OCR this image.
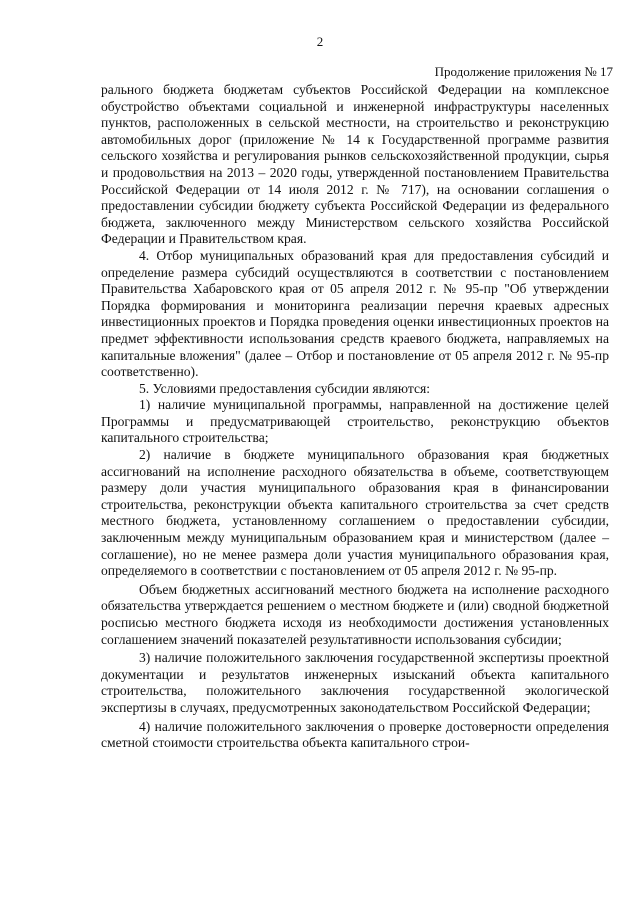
2
Продолжение приложения № 17

рального бюджета бюджетам субъектов Российской Федерации на комплексное обустройство объектами социальной и инженерной инфраструктуры населенных пунктов, расположенных в сельской местности, на строительство и реконструкцию автомобильных дорог (приложение № 14 к Государственной программе развития сельского хозяйства и регулирования рынков сельскохозяйственной продукции, сырья и продовольствия на 2013 – 2020 годы, утвержденной постановлением Правительства Российской Федерации от 14 июля 2012 г. № 717), на основании соглашения о предоставлении субсидии бюджету субъекта Российской Федерации из федерального бюджета, заключенного между Министерством сельского хозяйства Российской Федерации и Правительством края.

4. Отбор муниципальных образований края для предоставления субсидий и определение размера субсидий осуществляются в соответствии с постановлением Правительства Хабаровского края от 05 апреля 2012 г. № 95-пр "Об утверждении Порядка формирования и мониторинга реализации перечня краевых адресных инвестиционных проектов и Порядка проведения оценки инвестиционных проектов на предмет эффективности использования средств краевого бюджета, направляемых на капитальные вложения" (далее – Отбор и постановление от 05 апреля 2012 г. № 95-пр соответственно).

5. Условиями предоставления субсидии являются:

1) наличие муниципальной программы, направленной на достижение целей Программы и предусматривающей строительство, реконструкцию объектов капитального строительства;

2) наличие в бюджете муниципального образования края бюджетных ассигнований на исполнение расходного обязательства в объеме, соответствующем размеру доли участия муниципального образования края в финансировании строительства, реконструкции объекта капитального строительства за счет средств местного бюджета, установленному соглашением о предоставлении субсидии, заключенным между муниципальным образованием края и министерством (далее – соглашение), но не менее размера доли участия муниципального образования края, определяемого в соответствии с постановлением от 05 апреля 2012 г. № 95-пр.

Объем бюджетных ассигнований местного бюджета на исполнение расходного обязательства утверждается решением о местном бюджете и (или) сводной бюджетной росписью местного бюджета исходя из необходимости достижения установленных соглашением значений показателей результативности использования субсидии;

3) наличие положительного заключения государственной экспертизы проектной документации и результатов инженерных изысканий объекта капитального строительства, положительного заключения государственной экологической экспертизы в случаях, предусмотренных законодательством Российской Федерации;

4) наличие положительного заключения о проверке достоверности определения сметной стоимости строительства объекта капитального строи-
